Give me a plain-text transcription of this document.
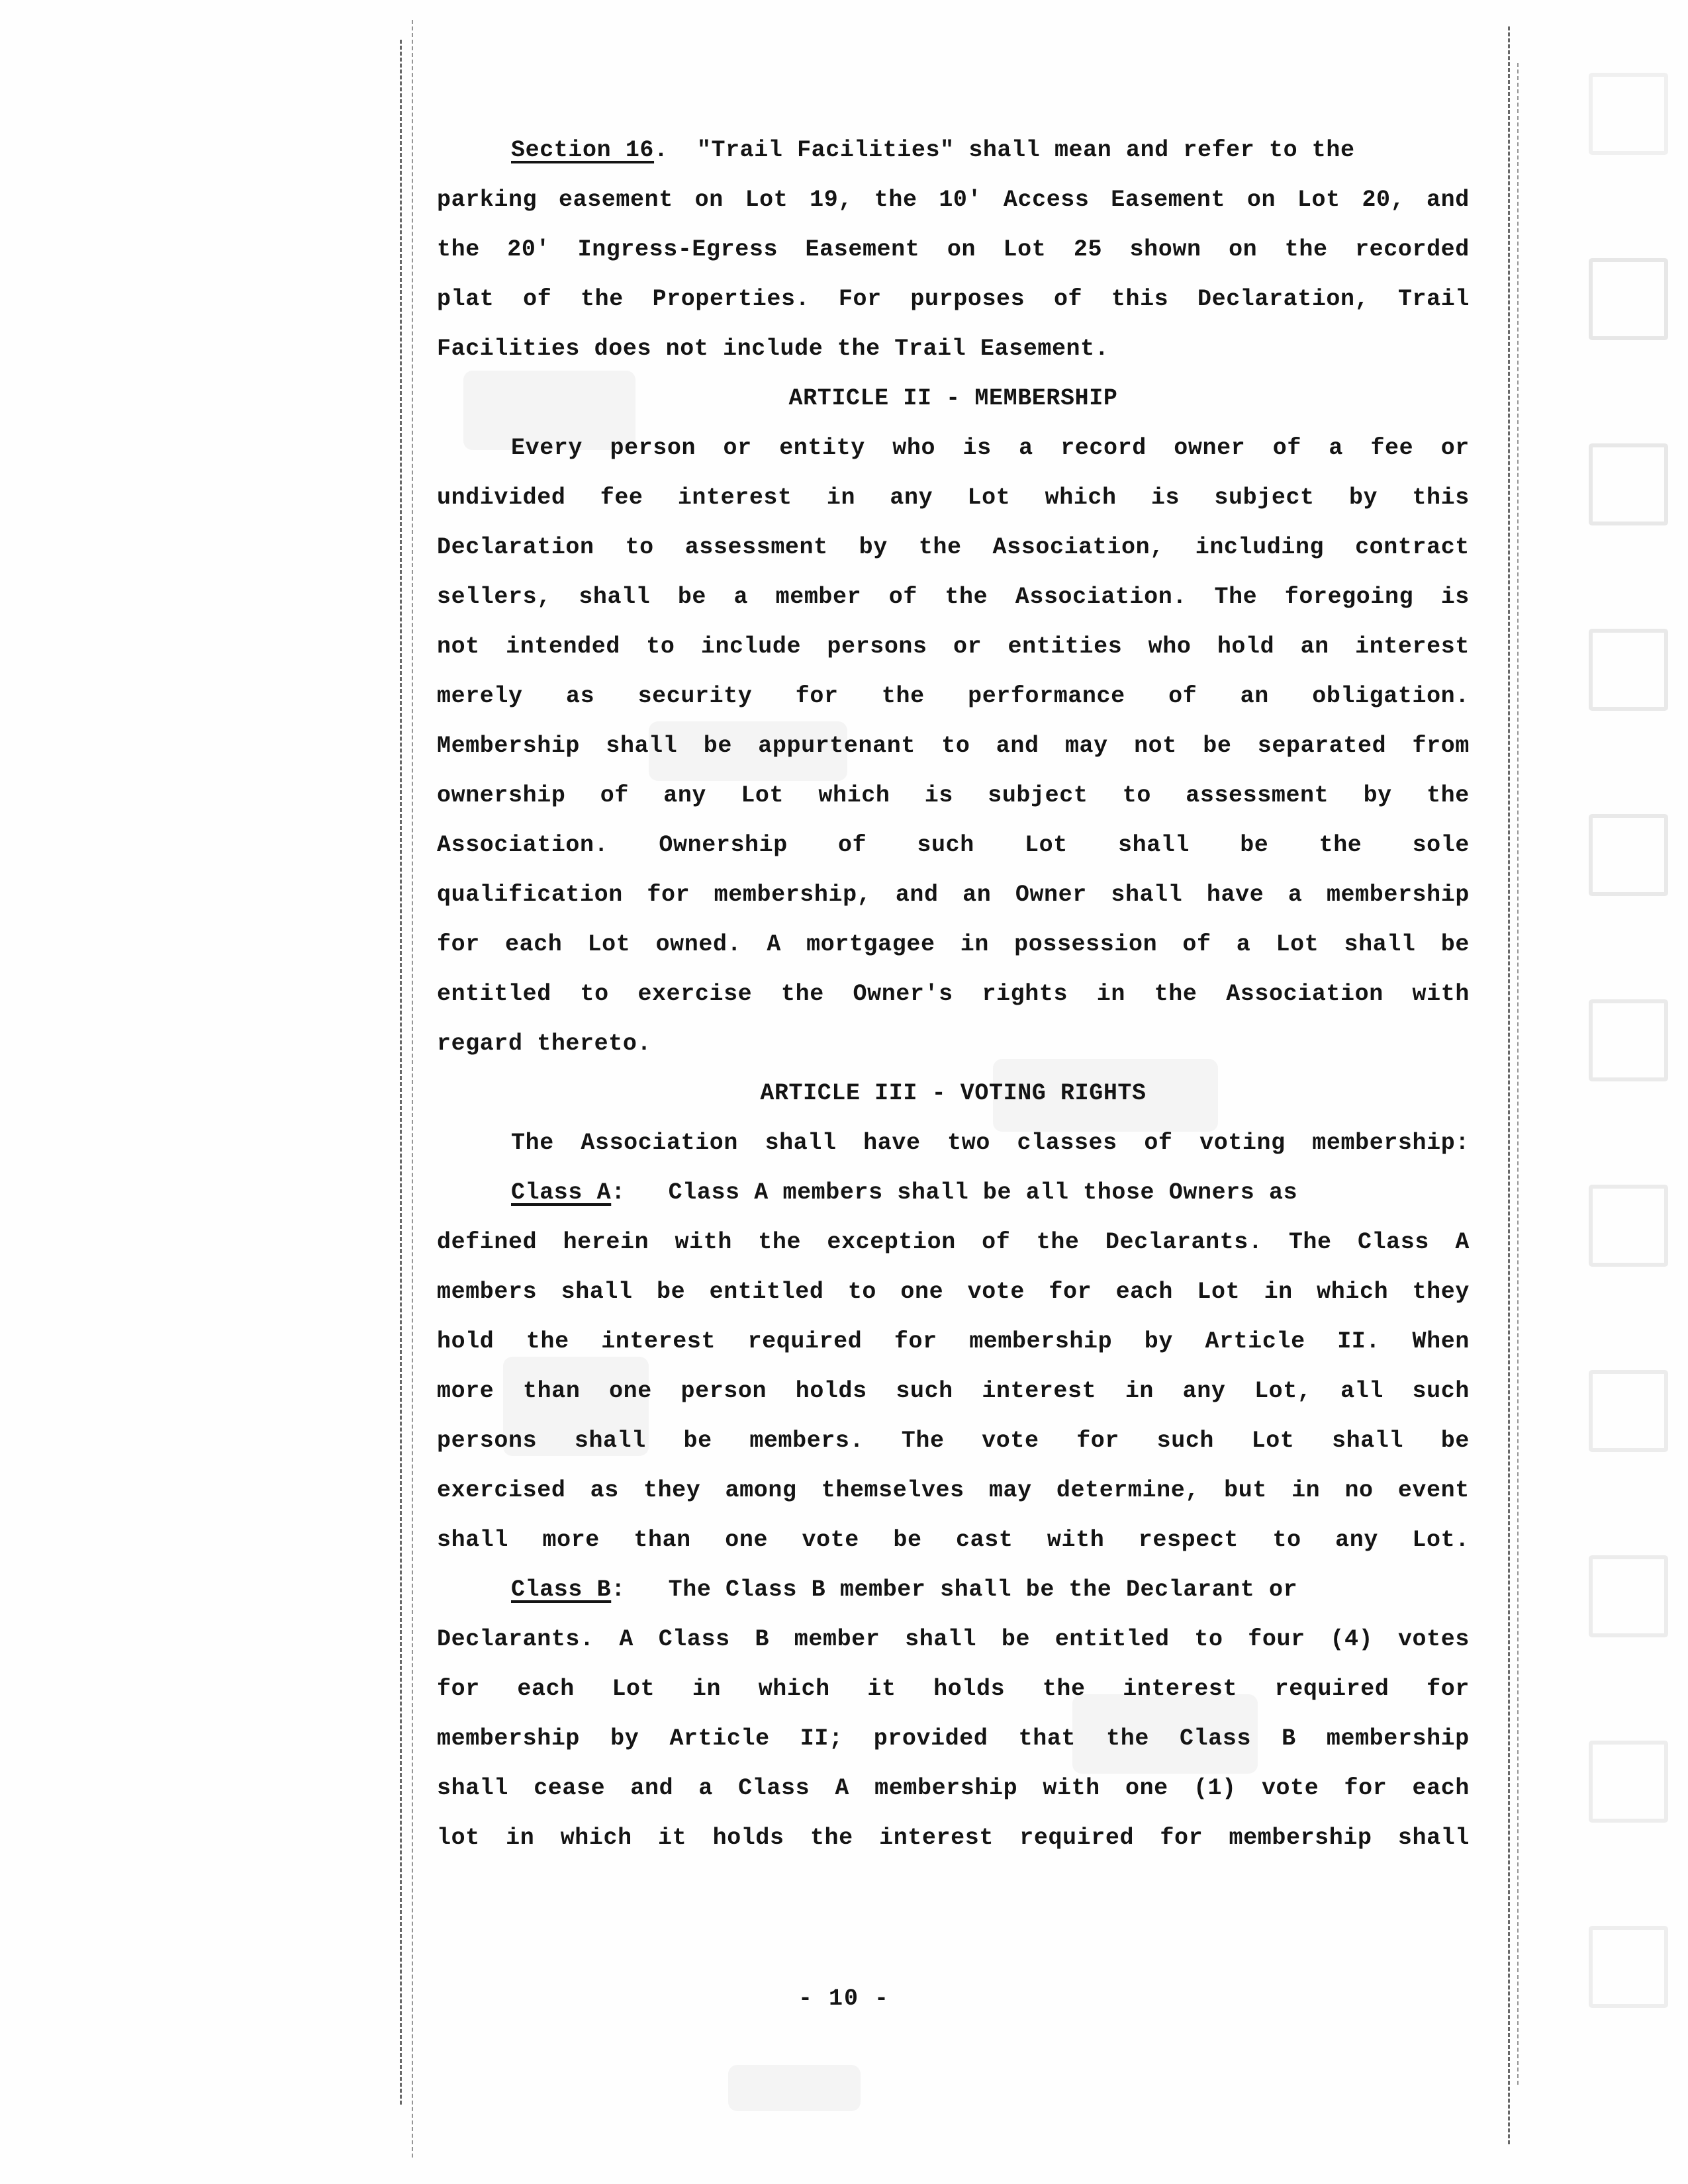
Section 16.  "Trail Facilities" shall mean and refer to the
parking easement on Lot 19, the 10' Access Easement on Lot 20, and
the 20' Ingress-Egress Easement on Lot 25 shown on the recorded
plat of the Properties. For purposes of this Declaration, Trail
Facilities does not include the Trail Easement.
ARTICLE II - MEMBERSHIP
Every person or entity who is a record owner of a fee or
undivided fee interest in any Lot which is subject by this
Declaration to assessment by the Association, including contract
sellers, shall be a member of the Association. The foregoing is
not intended to include persons or entities who hold an interest
merely as security for the performance of an obligation.
Membership shall be appurtenant to and may not be separated from
ownership of any Lot which is subject to assessment by the
Association. Ownership of such Lot shall be the sole
qualification for membership, and an Owner shall have a membership
for each Lot owned. A mortgagee in possession of a Lot shall be
entitled to exercise the Owner's rights in the Association with
regard thereto.
ARTICLE III - VOTING RIGHTS
The Association shall have two classes of voting membership:
Class A:   Class A members shall be all those Owners as
defined herein with the exception of the Declarants. The Class A
members shall be entitled to one vote for each Lot in which they
hold the interest required for membership by Article II. When
more than one person holds such interest in any Lot, all such
persons shall be members. The vote for such Lot shall be
exercised as they among themselves may determine, but in no event
shall more than one vote be cast with respect to any Lot.
Class B:   The Class B member shall be the Declarant or
Declarants. A Class B member shall be entitled to four (4) votes
for each Lot in which it holds the interest required for
membership by Article II; provided that the Class B membership
shall cease and a Class A membership with one (1) vote for each
lot in which it holds the interest required for membership shall
- 10 -
